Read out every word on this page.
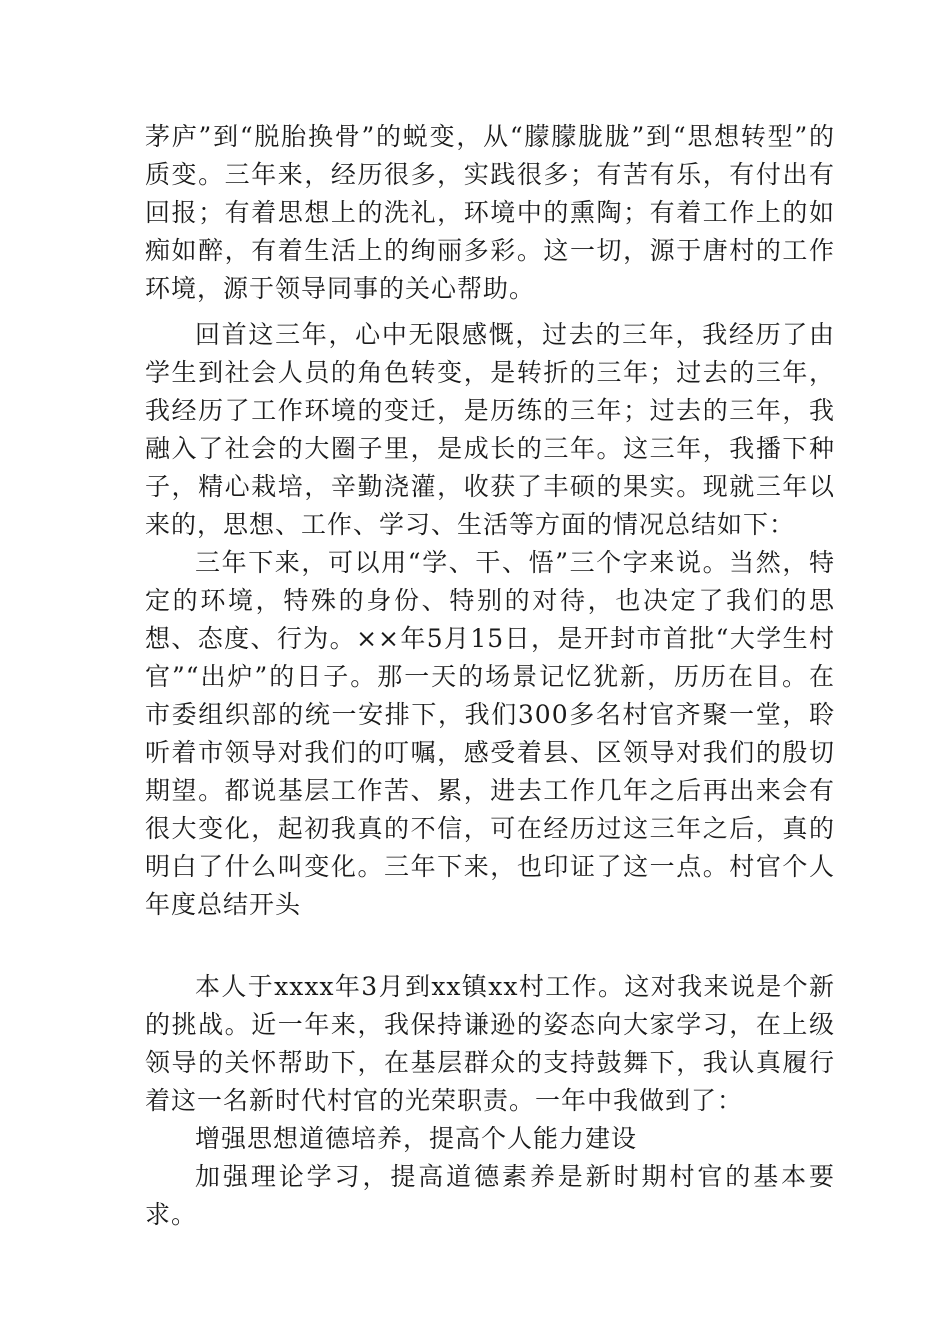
茅庐”到“脱胎换骨”的蜕变，从“朦朦胧胧”到“思想转型”的质变。三年来，经历很多，实践很多；有苦有乐，有付出有回报；有着思想上的洗礼，环境中的熏陶；有着工作上的如痴如醉，有着生活上的绚丽多彩。这一切，源于唐村的工作环境，源于领导同事的关心帮助。

回首这三年，心中无限感慨，过去的三年，我经历了由学生到社会人员的角色转变，是转折的三年；过去的三年，我经历了工作环境的变迁，是历练的三年；过去的三年，我融入了社会的大圈子里，是成长的三年。这三年，我播下种子，精心栽培，辛勤浇灌，收获了丰硕的果实。现就三年以来的，思想、工作、学习、生活等方面的情况总结如下：

三年下来，可以用“学、干、悟”三个字来说。当然，特定的环境，特殊的身份、特别的对待，也决定了我们的思想、态度、行为。××年5月15日，是开封市首批“大学生村官”“出炉”的日子。那一天的场景记忆犹新，历历在目。在市委组织部的统一安排下，我们300多名村官齐聚一堂，聆听着市领导对我们的叮嘱，感受着县、区领导对我们的殷切期望。都说基层工作苦、累，进去工作几年之后再出来会有很大变化，起初我真的不信，可在经历过这三年之后，真的明白了什么叫变化。三年下来，也印证了这一点。村官个人年度总结开头

本人于xxxx年3月到xx镇xx村工作。这对我来说是个新的挑战。近一年来，我保持谦逊的姿态向大家学习，在上级领导的关怀帮助下，在基层群众的支持鼓舞下，我认真履行着这一名新时代村官的光荣职责。一年中我做到了：

增强思想道德培养，提高个人能力建设

加强理论学习，提高道德素养是新时期村官的基本要求。
